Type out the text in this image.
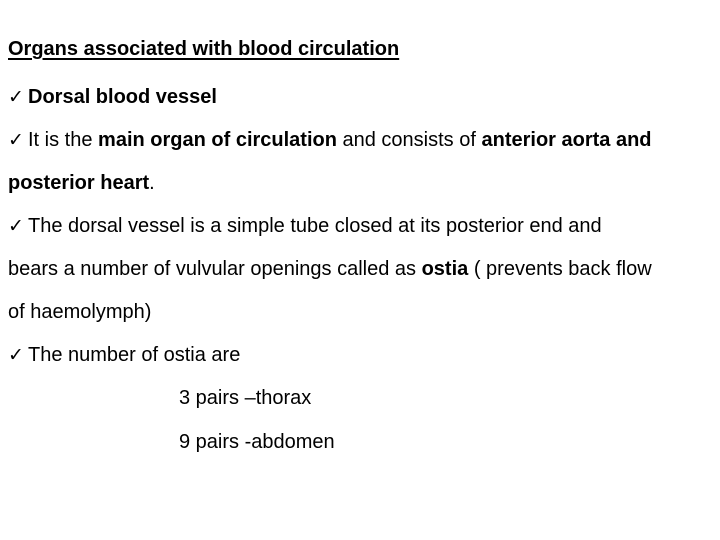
Organs associated with blood circulation
✓ Dorsal blood vessel
✓ It is the main organ of circulation and consists of anterior aorta and
posterior heart.
✓ The dorsal vessel is a simple tube closed at its posterior end and
bears a number of vulvular openings called as ostia ( prevents back flow
of haemolymph)
✓ The number of ostia are
3 pairs –thorax
9 pairs -abdomen
